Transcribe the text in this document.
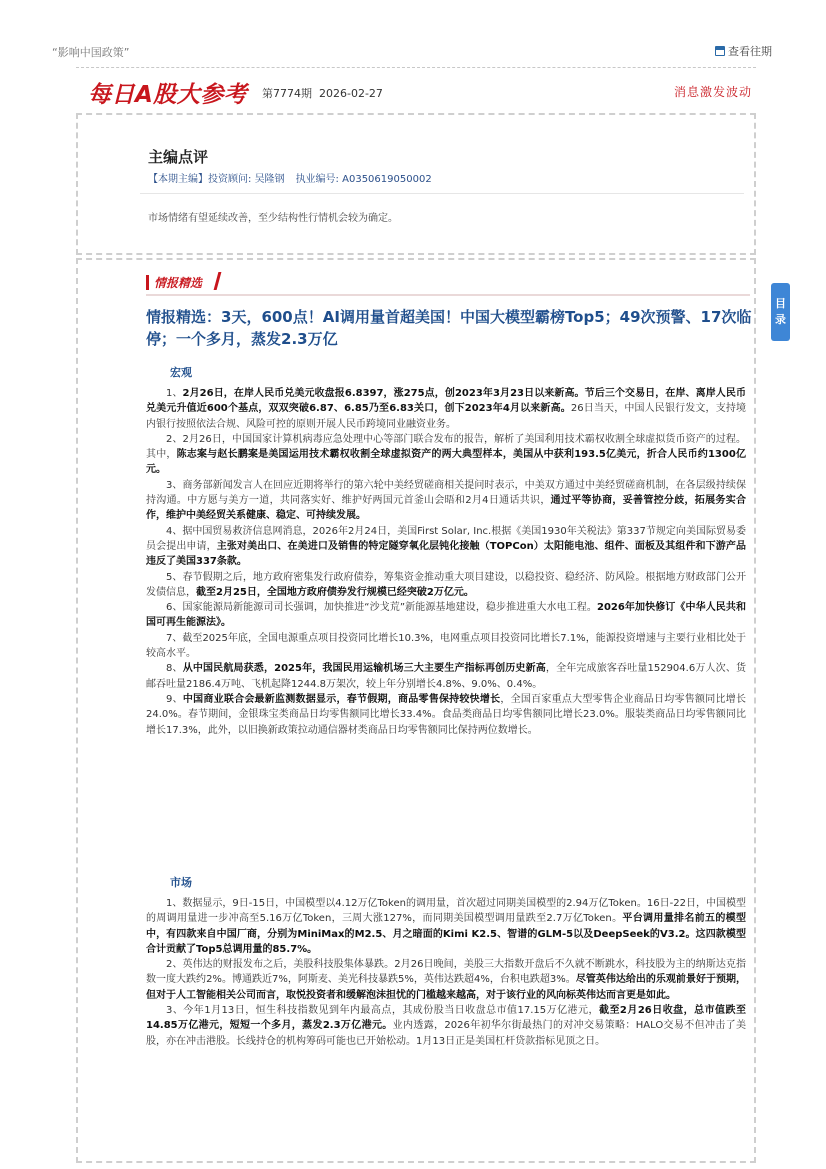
“影响中国政策”	查看往期
每日A股大参考 第7774期 2026-02-27	消息激发波动
主编点评
【本期主编】投资顾问: 吴隆钢 执业编号: A0350619050002
市场情绪有望延续改善，至少结构性行情机会较为确定。
情报精选
情报精选：3天，600点！AI调用量首超美国！中国大模型霸榜Top5；49次预警、17次临停；一个多月，蒸发2.3万亿
宏观

1、2月26日，在岸人民币兑美元收盘报6.8397，涨275点，创2023年3月23日以来新高。节后三个交易日，在岸、离岸人民币兑美元升值近600个基点，双双突破6.87、6.85乃至6.83关口，创下2023年4月以来新高。26日当天，中国人民银行发文，支持境内银行按照依法合规、风险可控的原则开展人民币跨境同业融资业务。

2、2月26日，中国国家计算机病毒应急处理中心等部门联合发布的报告，解析了美国利用技术霸权收割全球虚拟货币资产的过程。其中，陈志案与赵长鹏案是美国运用技术霸权收割全球虚拟资产的两大典型样本，美国从中获利193.5亿美元，折合人民币约1300亿元。

3、商务部新闻发言人在回应近期将举行的第六轮中美经贸磋商相关提问时表示，中美双方通过中美经贸磋商机制，在各层级持续保持沟通。中方愿与美方一道，共同落实好、维护好两国元首釜山会晤和2月4日通话共识，通过平等协商，妥善管控分歧，拓展务实合作，维护中美经贸关系健康、稳定、可持续发展。

4、据中国贸易救济信息网消息，2026年2月24日，美国First Solar, Inc.根据《美国1930年关税法》第337节规定向美国际贸易委员会提出申请，主张对美出口、在美进口及销售的特定隧穿氧化层钝化接触（TOPCon）太阳能电池、组件、面板及其组件和下游产品违反了美国337条款。

5、春节假期之后，地方政府密集发行政府债券，筹集资金推动重大项目建设，以稳投资、稳经济、防风险。根据地方财政部门公开发债信息，截至2月25日，全国地方政府债券发行规模已经突破2万亿元。

6、国家能源局新能源司司长强调，加快推进“沙戈荒”新能源基地建设，稳步推进重大水电工程。2026年加快修订《中华人民共和国可再生能源法》。

7、截至2025年底，全国电源重点项目投资同比增长10.3%，电网重点项目投资同比增长7.1%，能源投资增速与主要行业相比处于较高水平。

8、从中国民航局获悉，2025年，我国民用运输机场三大主要生产指标再创历史新高，全年完成旅客吞吐量152904.6万人次、货邮吞吐量2186.4万吨、飞机起降1244.8万架次，较上年分别增长4.8%、9.0%、0.4%。

9、中国商业联合会最新监测数据显示，春节假期，商品零售保持较快增长，全国百家重点大型零售企业商品日均零售额同比增长24.0%。春节期间，金银珠宝类商品日均零售额同比增长33.4%。食品类商品日均零售额同比增长23.0%。服装类商品日均零售额同比增长17.3%，此外，以旧换新政策拉动通信器材类商品日均零售额同比保持两位数增长。

市场

1、数据显示，9日-15日，中国模型以4.12万亿Token的调用量，首次超过同期美国模型的2.94万亿Token。16日-22日，中国模型的周调用量进一步冲高至5.16万亿Token，三周大涨127%，而同期美国模型调用量跌至2.7万亿Token。平台调用量排名前五的模型中，有四款来自中国厂商，分别为MiniMax的M2.5、月之暗面的Kimi K2.5、智谱的GLM-5以及DeepSeek的V3.2。这四款模型合计贡献了Top5总调用量的85.7%。

2、英伟达的财报发布之后，美股科技股集体暴跌。2月26日晚间，美股三大指数开盘后不久就不断跳水，科技股为主的纳斯达克指数一度大跌约2%。博通跌近7%，阿斯麦、美光科技暴跌5%，英伟达跌超4%，台积电跌超3%。尽管英伟达给出的乐观前景好于预期，但对于人工智能相关公司而言，取悦投资者和缓解泡沫担忧的门槛越来越高，对于该行业的风向标英伟达而言更是如此。

3、今年1月13日，恒生科技指数见到年内最高点，其成份股当日收盘总市值17.15万亿港元，截至2月26日收盘，总市值跌至14.85万亿港元，短短一个多月，蒸发2.3万亿港元。业内透露，2026年初华尔街最热门的对冲交易策略：HALO交易不但冲击了美股，亦在冲击港股。长线持仓的机构筹码可能也已开始松动。1月13日正是美国杠杆贷款指标见顶之日。

目
录
